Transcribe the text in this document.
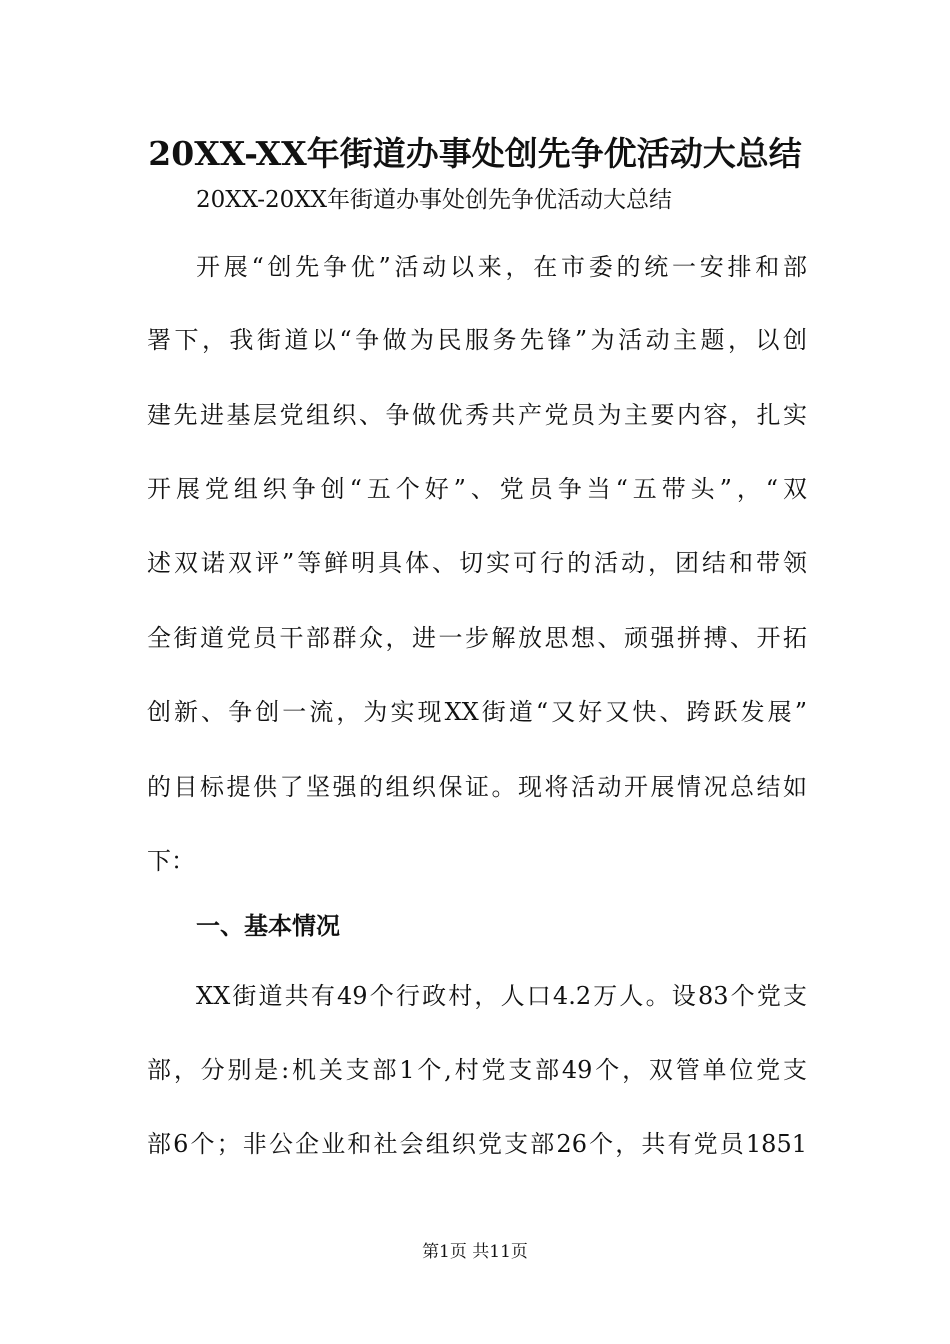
20XX-XX年街道办事处创先争优活动大总结
20XX-20XX年街道办事处创先争优活动大总结
开展“创先争优”活动以来，在市委的统一安排和部
署下，我街道以“争做为民服务先锋”为活动主题，以创
建先进基层党组织、争做优秀共产党员为主要内容，扎实
开展党组织争创“五个好”、党员争当“五带头”，“双
述双诺双评”等鲜明具体、切实可行的活动，团结和带领
全街道党员干部群众，进一步解放思想、顽强拼搏、开拓
创新、争创一流，为实现XX街道“又好又快、跨跃发展”
的目标提供了坚强的组织保证。现将活动开展情况总结如
下：
一、基本情况
XX街道共有49个行政村，人口4.2万人。设83个党支
部，分别是:机关支部1个,村党支部49个，双管单位党支
部6个；非公企业和社会组织党支部26个，共有党员1851
第1页 共11页
